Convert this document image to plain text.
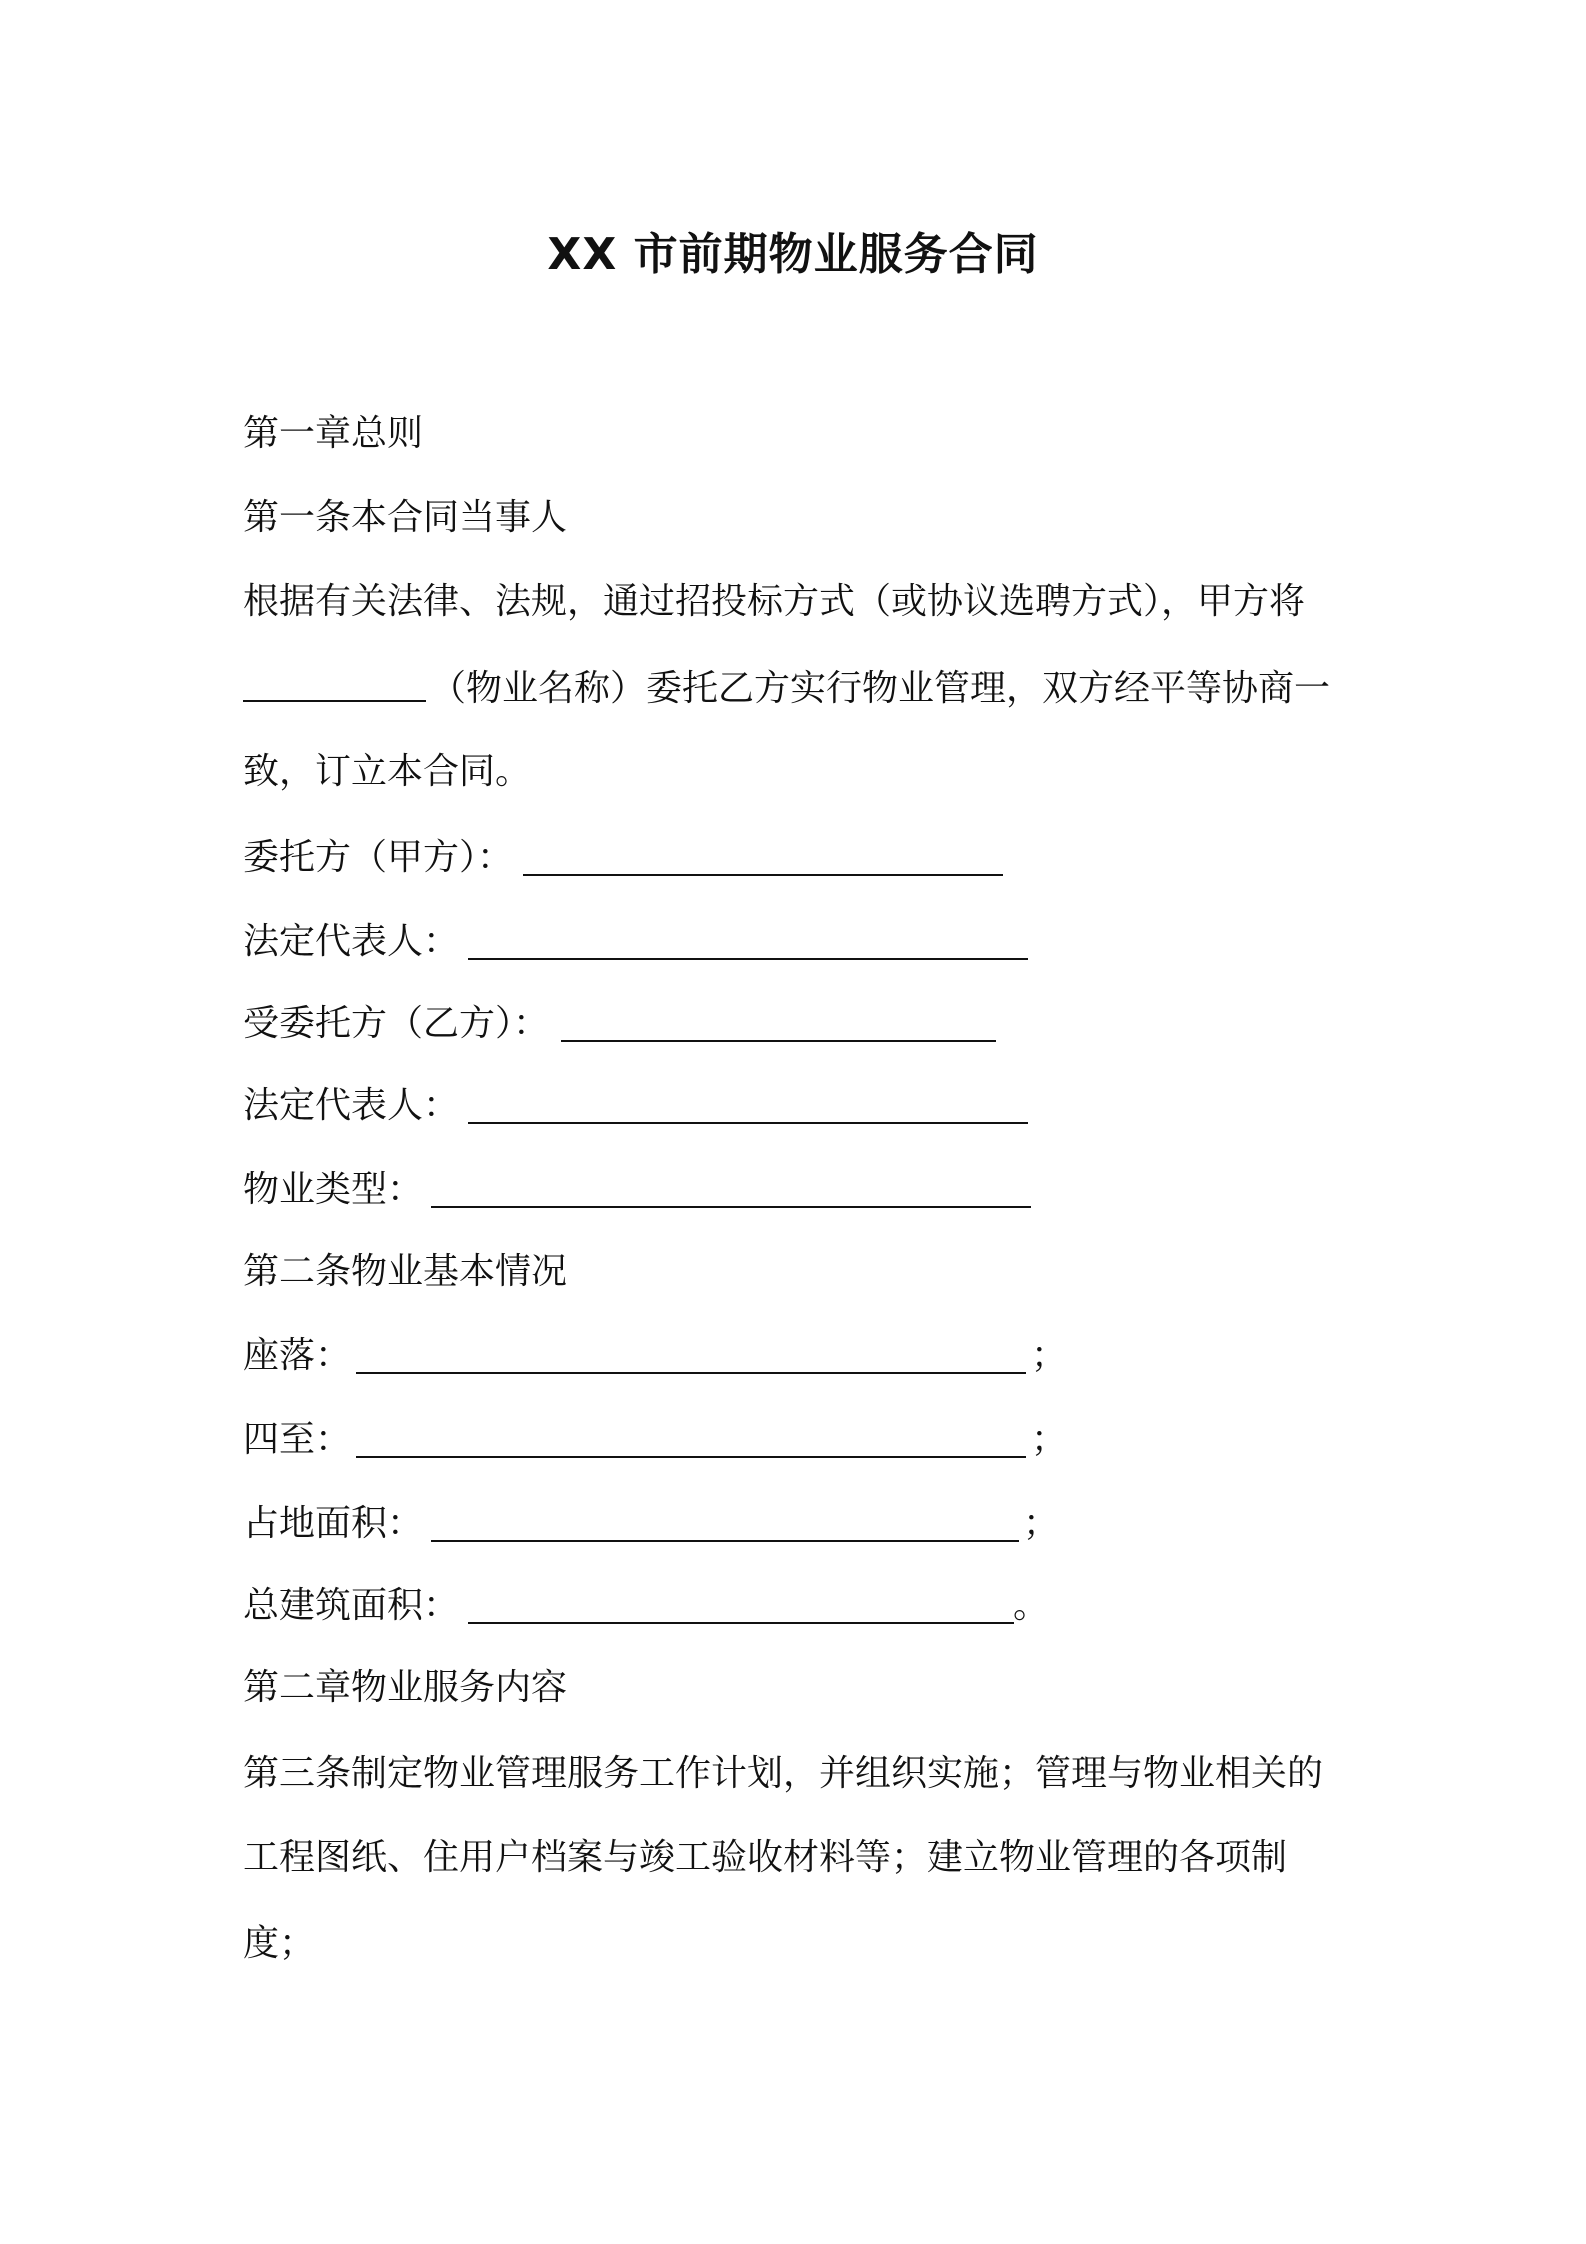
XX 市前期物业服务合同
第一章总则
第一条本合同当事人
根据有关法律、法规，通过招投标方式（或协议选聘方式），甲方将
（物业名称）委托乙方实行物业管理，双方经平等协商一
致，订立本合同。
委托方（甲方）：
法定代表人：
受委托方（乙方）：
法定代表人：
物业类型：
第二条物业基本情况
座落：	；
四至：	；
占地面积：	；
总建筑面积：	。
第二章物业服务内容
第三条制定物业管理服务工作计划，并组织实施；管理与物业相关的
工程图纸、住用户档案与竣工验收材料等；建立物业管理的各项制
度；
